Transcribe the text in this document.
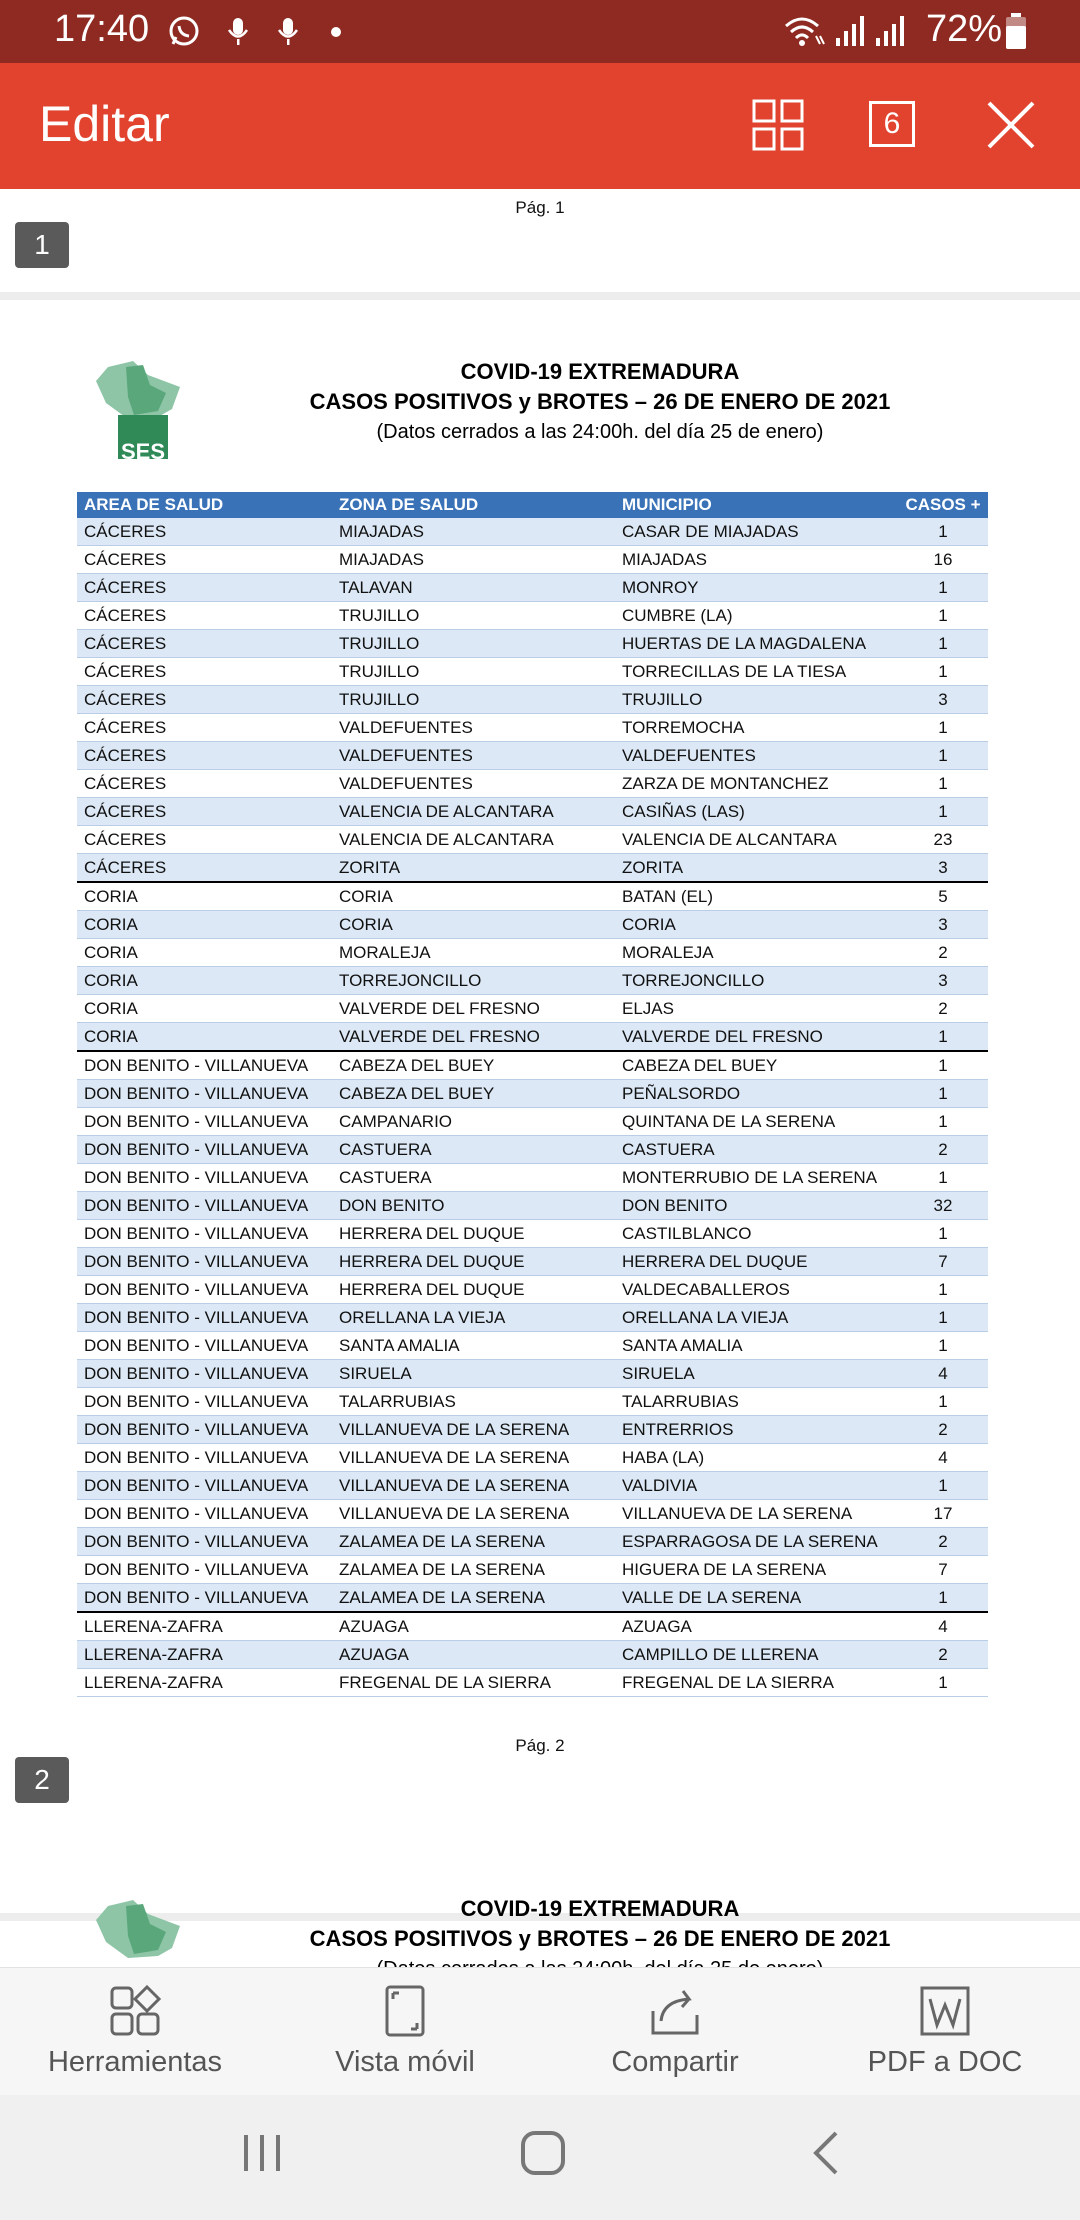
17:40	72%
Editar	6
Pág. 1
1
SES
COVID-19 EXTREMADURA
CASOS POSITIVOS y BROTES – 26 DE ENERO DE 2021
(Datos cerrados a las 24:00h. del día 25 de enero)
AREA DE SALUD	ZONA DE SALUD	MUNICIPIO	CASOS +
CÁCERES	MIAJADAS	CASAR DE MIAJADAS	1
CÁCERES	MIAJADAS	MIAJADAS	16
CÁCERES	TALAVAN	MONROY	1
CÁCERES	TRUJILLO	CUMBRE (LA)	1
CÁCERES	TRUJILLO	HUERTAS DE LA MAGDALENA	1
CÁCERES	TRUJILLO	TORRECILLAS DE LA TIESA	1
CÁCERES	TRUJILLO	TRUJILLO	3
CÁCERES	VALDEFUENTES	TORREMOCHA	1
CÁCERES	VALDEFUENTES	VALDEFUENTES	1
CÁCERES	VALDEFUENTES	ZARZA DE MONTANCHEZ	1
CÁCERES	VALENCIA DE ALCANTARA	CASIÑAS (LAS)	1
CÁCERES	VALENCIA DE ALCANTARA	VALENCIA DE ALCANTARA	23
CÁCERES	ZORITA	ZORITA	3
CORIA	CORIA	BATAN (EL)	5
CORIA	CORIA	CORIA	3
CORIA	MORALEJA	MORALEJA	2
CORIA	TORREJONCILLO	TORREJONCILLO	3
CORIA	VALVERDE DEL FRESNO	ELJAS	2
CORIA	VALVERDE DEL FRESNO	VALVERDE DEL FRESNO	1
DON BENITO - VILLANUEVA	CABEZA DEL BUEY	CABEZA DEL BUEY	1
DON BENITO - VILLANUEVA	CABEZA DEL BUEY	PEÑALSORDO	1
DON BENITO - VILLANUEVA	CAMPANARIO	QUINTANA DE LA SERENA	1
DON BENITO - VILLANUEVA	CASTUERA	CASTUERA	2
DON BENITO - VILLANUEVA	CASTUERA	MONTERRUBIO DE LA SERENA	1
DON BENITO - VILLANUEVA	DON BENITO	DON BENITO	32
DON BENITO - VILLANUEVA	HERRERA DEL DUQUE	CASTILBLANCO	1
DON BENITO - VILLANUEVA	HERRERA DEL DUQUE	HERRERA DEL DUQUE	7
DON BENITO - VILLANUEVA	HERRERA DEL DUQUE	VALDECABALLEROS	1
DON BENITO - VILLANUEVA	ORELLANA LA VIEJA	ORELLANA LA VIEJA	1
DON BENITO - VILLANUEVA	SANTA AMALIA	SANTA AMALIA	1
DON BENITO - VILLANUEVA	SIRUELA	SIRUELA	4
DON BENITO - VILLANUEVA	TALARRUBIAS	TALARRUBIAS	1
DON BENITO - VILLANUEVA	VILLANUEVA DE LA SERENA	ENTRERRIOS	2
DON BENITO - VILLANUEVA	VILLANUEVA DE LA SERENA	HABA (LA)	4
DON BENITO - VILLANUEVA	VILLANUEVA DE LA SERENA	VALDIVIA	1
DON BENITO - VILLANUEVA	VILLANUEVA DE LA SERENA	VILLANUEVA DE LA SERENA	17
DON BENITO - VILLANUEVA	ZALAMEA DE LA SERENA	ESPARRAGOSA DE LA SERENA	2
DON BENITO - VILLANUEVA	ZALAMEA DE LA SERENA	HIGUERA DE LA SERENA	7
DON BENITO - VILLANUEVA	ZALAMEA DE LA SERENA	VALLE DE LA SERENA	1
LLERENA-ZAFRA	AZUAGA	AZUAGA	4
LLERENA-ZAFRA	AZUAGA	CAMPILLO DE LLERENA	2
LLERENA-ZAFRA	FREGENAL DE LA SIERRA	FREGENAL DE LA SIERRA	1
Pág. 2
2
COVID-19 EXTREMADURA
CASOS POSITIVOS y BROTES – 26 DE ENERO DE 2021
Herramientas	Vista móvil	Compartir	PDF a DOC
